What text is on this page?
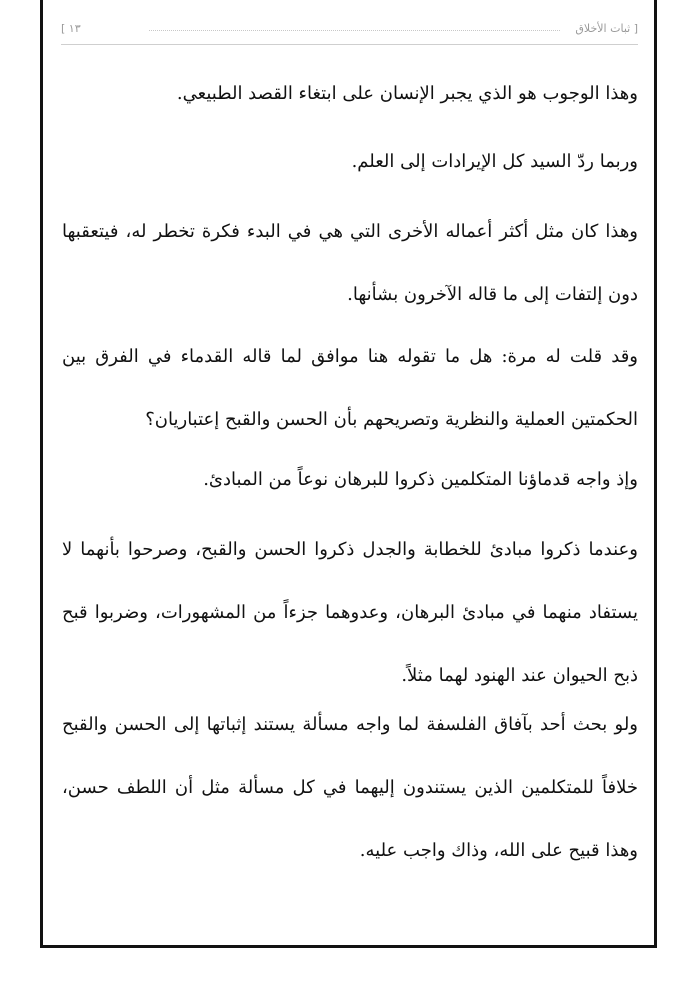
[ ثبات الأخلاق
١٣ ]

وهذا الوجوب هو الذي يجبر الإنسان على ابتغاء القصد الطبيعي.

وربما ردّ السيد كل الإيرادات إلى العلم.

وهذا كان مثل أكثر أعماله الأخرى التي هي في البدء فكرة تخطر له، فيتعقبها دون إلتفات إلى ما قاله الآخرون بشأنها.

وقد قلت له مرة: هل ما تقوله هنا موافق لما قاله القدماء في الفرق بين الحكمتين العملية والنظرية وتصريحهم بأن الحسن والقبح إعتباريان؟

وإذ واجه قدماؤنا المتكلمين ذكروا للبرهان نوعاً من المبادئ.

وعندما ذكروا مبادئ للخطابة والجدل ذكروا الحسن والقبح، وصرحوا بأنهما لا يستفاد منهما في مبادئ البرهان، وعدوهما جزءاً من المشهورات، وضربوا قبح ذبح الحيوان عند الهنود لهما مثلاً.

ولو بحث أحد بآفاق الفلسفة لما واجه مسألة يستند إثباتها إلى الحسن والقبح خلافاً للمتكلمين الذين يستندون إليهما في كل مسألة مثل أن اللطف حسن، وهذا قبيح على الله، وذاك واجب عليه.
